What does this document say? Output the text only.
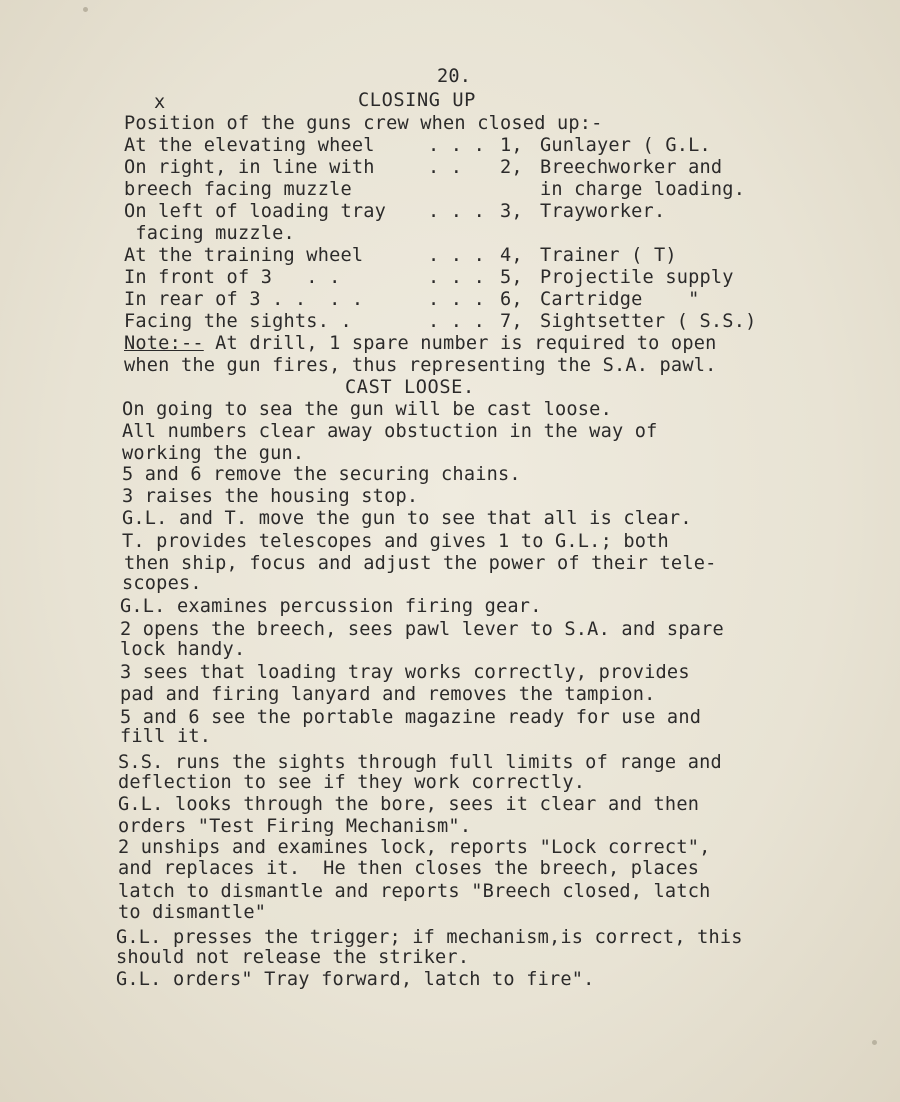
20.
x	CLOSING UP
Position of the guns crew when closed up:-
At the elevating wheel	. . . 1, Gunlayer ( G.L.
On right, in line with	. . 2, Breechworker and
breech facing muzzle	in charge loading.
On left of loading tray . . . 3, Trayworker.
facing muzzle.
At the training wheel	. . . 4, Trainer ( T)
In front of 3   . .	. . . 5, Projectile supply
In rear of 3 . .  . .	. . . 6, Cartridge    "
Facing the sights. .	. . . 7, Sightsetter ( S.S.)
Note:-- At drill, 1 spare number is required to open
when the gun fires, thus representing the S.A. pawl.
CAST LOOSE.
On going to sea the gun will be cast loose.
All numbers clear away obstuction in the way of
working the gun.
5 and 6 remove the securing chains.
3 raises the housing stop.
G.L. and T. move the gun to see that all is clear.
T. provides telescopes and gives 1 to G.L.; both
then ship, focus and adjust the power of their tele-
scopes.
G.L. examines percussion firing gear.
2 opens the breech, sees pawl lever to S.A. and spare
lock handy.
3 sees that loading tray works correctly, provides
pad and firing lanyard and removes the tampion.
5 and 6 see the portable magazine ready for use and
fill it.
S.S. runs the sights through full limits of range and
deflection to see if they work correctly.
G.L. looks through the bore, sees it clear and then
orders "Test Firing Mechanism".
2 unships and examines lock, reports "Lock correct",
and replaces it.  He then closes the breech, places
latch to dismantle and reports "Breech closed, latch
to dismantle"
G.L. presses the trigger; if mechanism,is correct, this
should not release the striker.
G.L. orders" Tray forward, latch to fire".
